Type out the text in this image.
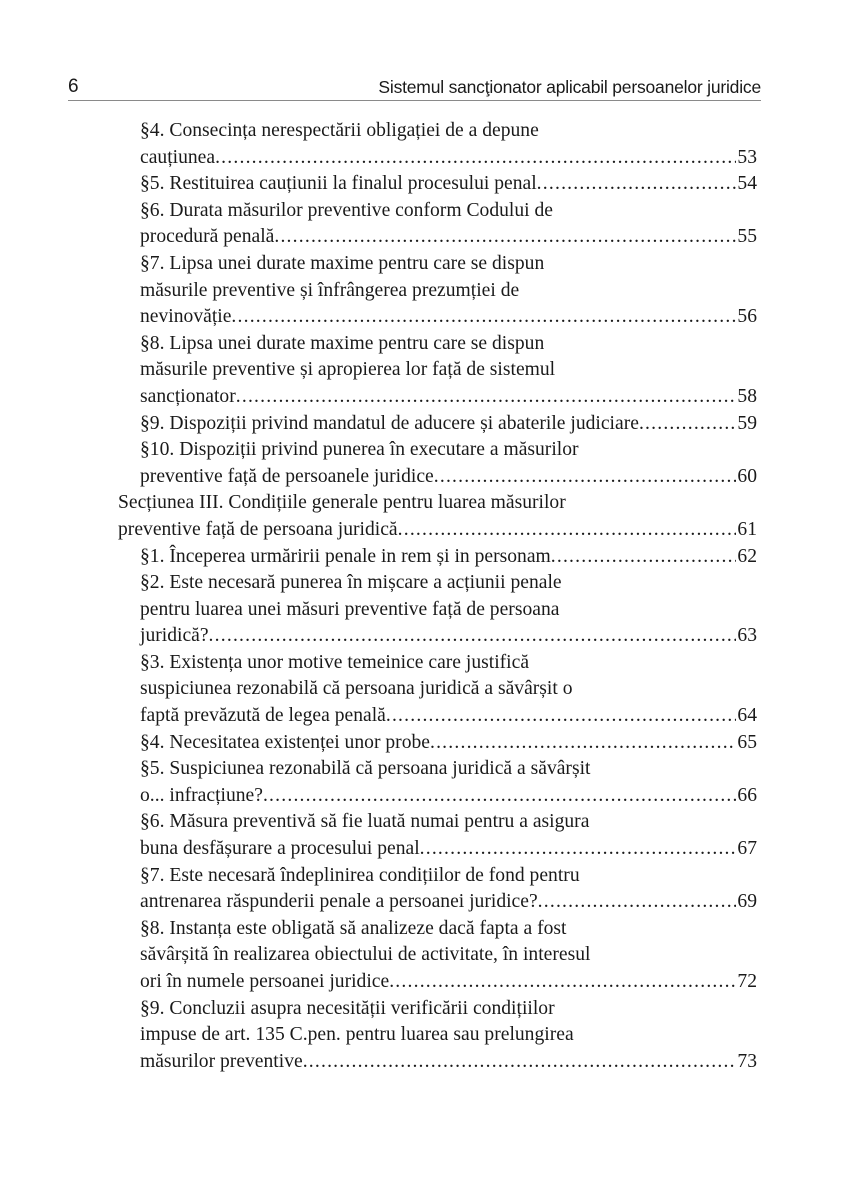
6	Sistemul sancţionator aplicabil persoanelor juridice
§4. Consecința nerespectării obligației de a depune
cauțiunea .....	53
§5. Restituirea cauțiunii la finalul procesului penal .....	54
§6. Durata măsurilor preventive conform Codului de
procedură penală .....	55
§7. Lipsa unei durate maxime pentru care se dispun
măsurile preventive și înfrângerea prezumției de
nevinovăție .....	56
§8. Lipsa unei durate maxime pentru care se dispun
măsurile preventive și apropierea lor față de sistemul
sancționator .....	58
§9. Dispoziții privind mandatul de aducere și abaterile judiciare .....	59
§10. Dispoziții privind punerea în executare a măsurilor
preventive față de persoanele juridice .....	60
Secțiunea III. Condițiile generale pentru luarea măsurilor
preventive față de persoana juridică .....	61
§1. Începerea urmăririi penale in rem și in personam .....	62
§2. Este necesară punerea în mișcare a acțiunii penale
pentru luarea unei măsuri preventive față de persoana
juridică? .....	63
§3. Existența unor motive temeinice care justifică
suspiciunea rezonabilă că persoana juridică a săvârșit o
faptă prevăzută de legea penală .....	64
§4. Necesitatea existenței unor probe .....	65
§5. Suspiciunea rezonabilă că persoana juridică a săvârșit
o... infracțiune? .....	66
§6. Măsura preventivă să fie luată numai pentru a asigura
buna desfășurare a procesului penal .....	67
§7. Este necesară îndeplinirea condițiilor de fond pentru
antrenarea răspunderii penale a persoanei juridice? .....	69
§8. Instanța este obligată să analizeze dacă fapta a fost
săvârșită în realizarea obiectului de activitate, în interesul
ori în numele persoanei juridice .....	72
§9. Concluzii asupra necesității verificării condițiilor
impuse de art. 135 C.pen. pentru luarea sau prelungirea
măsurilor preventive .....	73
